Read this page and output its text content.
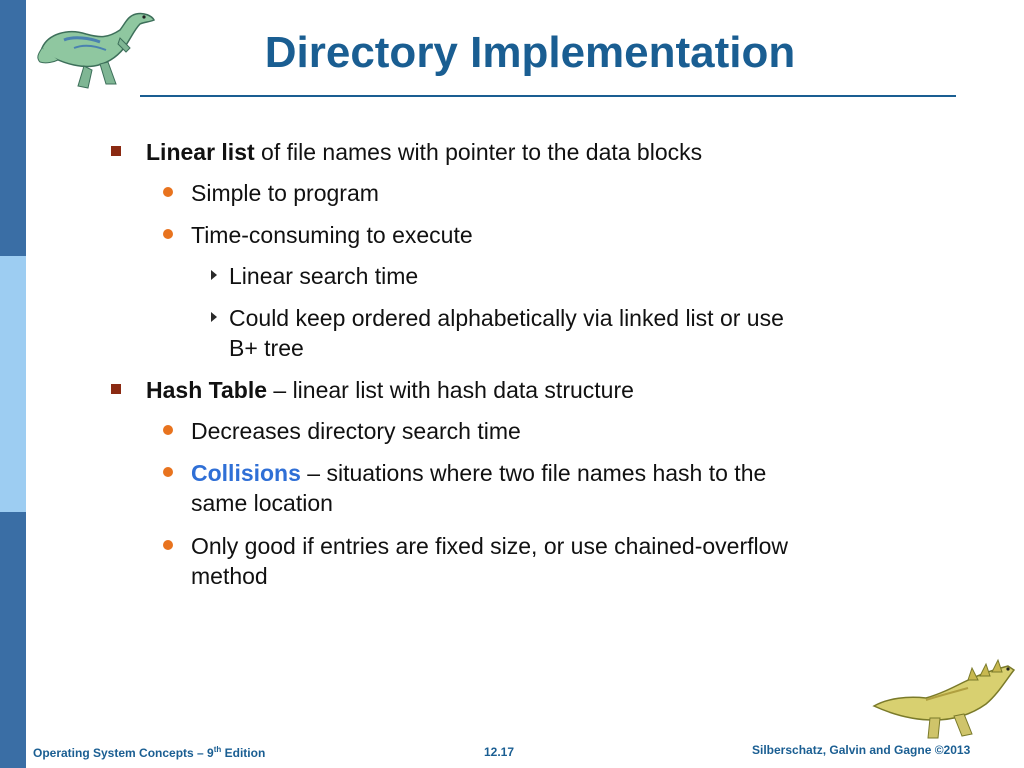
Directory Implementation
Linear list of file names with pointer to the data blocks
Simple to program
Time-consuming to execute
Linear search time
Could keep ordered alphabetically via linked list or use
B+ tree
Hash Table – linear list with hash data structure
Decreases directory search time
Collisions – situations where two file names hash to the
same location
Only good if entries are fixed size, or use chained-overflow
method
Operating System Concepts – 9th Edition	12.17	Silberschatz, Galvin and Gagne ©2013
